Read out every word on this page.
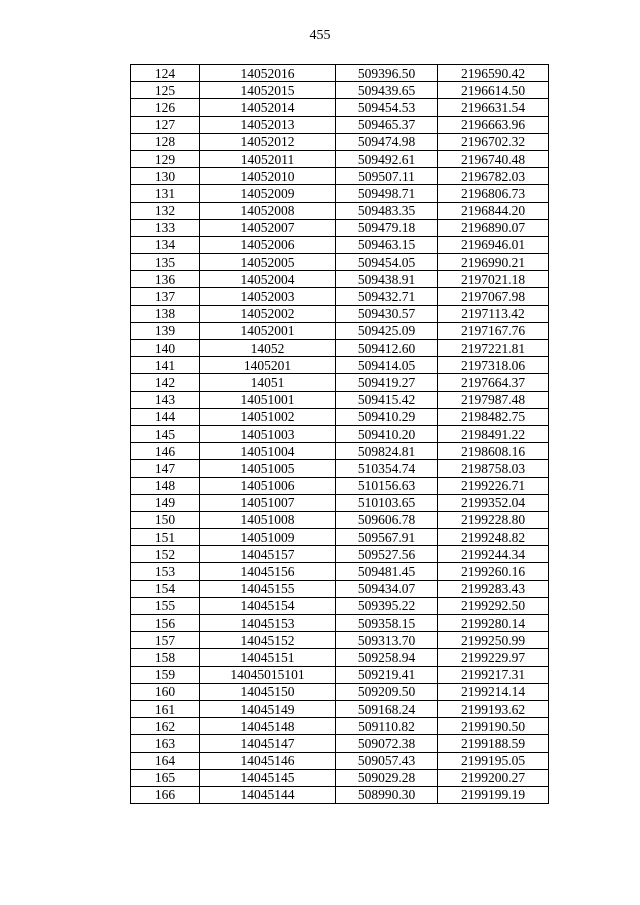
455
124	14052016	509396.50	2196590.42
125	14052015	509439.65	2196614.50
126	14052014	509454.53	2196631.54
127	14052013	509465.37	2196663.96
128	14052012	509474.98	2196702.32
129	14052011	509492.61	2196740.48
130	14052010	509507.11	2196782.03
131	14052009	509498.71	2196806.73
132	14052008	509483.35	2196844.20
133	14052007	509479.18	2196890.07
134	14052006	509463.15	2196946.01
135	14052005	509454.05	2196990.21
136	14052004	509438.91	2197021.18
137	14052003	509432.71	2197067.98
138	14052002	509430.57	2197113.42
139	14052001	509425.09	2197167.76
140	14052	509412.60	2197221.81
141	1405201	509414.05	2197318.06
142	14051	509419.27	2197664.37
143	14051001	509415.42	2197987.48
144	14051002	509410.29	2198482.75
145	14051003	509410.20	2198491.22
146	14051004	509824.81	2198608.16
147	14051005	510354.74	2198758.03
148	14051006	510156.63	2199226.71
149	14051007	510103.65	2199352.04
150	14051008	509606.78	2199228.80
151	14051009	509567.91	2199248.82
152	14045157	509527.56	2199244.34
153	14045156	509481.45	2199260.16
154	14045155	509434.07	2199283.43
155	14045154	509395.22	2199292.50
156	14045153	509358.15	2199280.14
157	14045152	509313.70	2199250.99
158	14045151	509258.94	2199229.97
159	14045015101	509219.41	2199217.31
160	14045150	509209.50	2199214.14
161	14045149	509168.24	2199193.62
162	14045148	509110.82	2199190.50
163	14045147	509072.38	2199188.59
164	14045146	509057.43	2199195.05
165	14045145	509029.28	2199200.27
166	14045144	508990.30	2199199.19
